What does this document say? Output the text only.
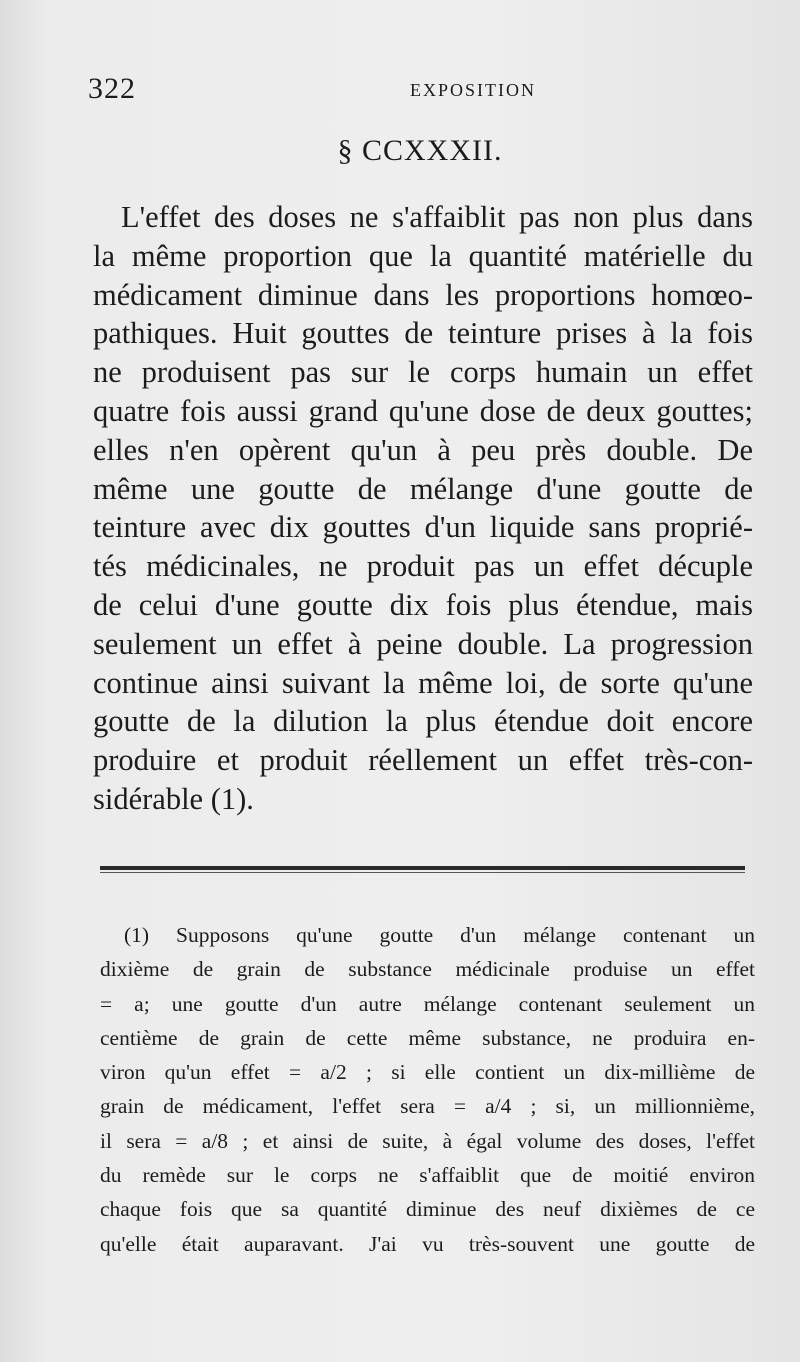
322	EXPOSITION
§ CCXXXII.
L'effet des doses ne s'affaiblit pas non plus dans
la même proportion que la quantité matérielle du
médicament diminue dans les proportions homœo-
pathiques. Huit gouttes de teinture prises à la fois
ne produisent pas sur le corps humain un effet
quatre fois aussi grand qu'une dose de deux gouttes;
elles n'en opèrent qu'un à peu près double. De
même une goutte de mélange d'une goutte de
teinture avec dix gouttes d'un liquide sans proprié-
tés médicinales, ne produit pas un effet décuple
de celui d'une goutte dix fois plus étendue, mais
seulement un effet à peine double. La progression
continue ainsi suivant la même loi, de sorte qu'une
goutte de la dilution la plus étendue doit encore
produire et produit réellement un effet très-con-
sidérable (1).
(1) Supposons qu'une goutte d'un mélange contenant un
dixième de grain de substance médicinale produise un effet
= a; une goutte d'un autre mélange contenant seulement un
centième de grain de cette même substance, ne produira en-
viron qu'un effet = a/2 ; si elle contient un dix-millième de
grain de médicament, l'effet sera = a/4 ; si, un millionnième,
il sera = a/8 ; et ainsi de suite, à égal volume des doses, l'effet
du remède sur le corps ne s'affaiblit que de moitié environ
chaque fois que sa quantité diminue des neuf dixièmes de ce
qu'elle était auparavant. J'ai vu très-souvent une goutte de
